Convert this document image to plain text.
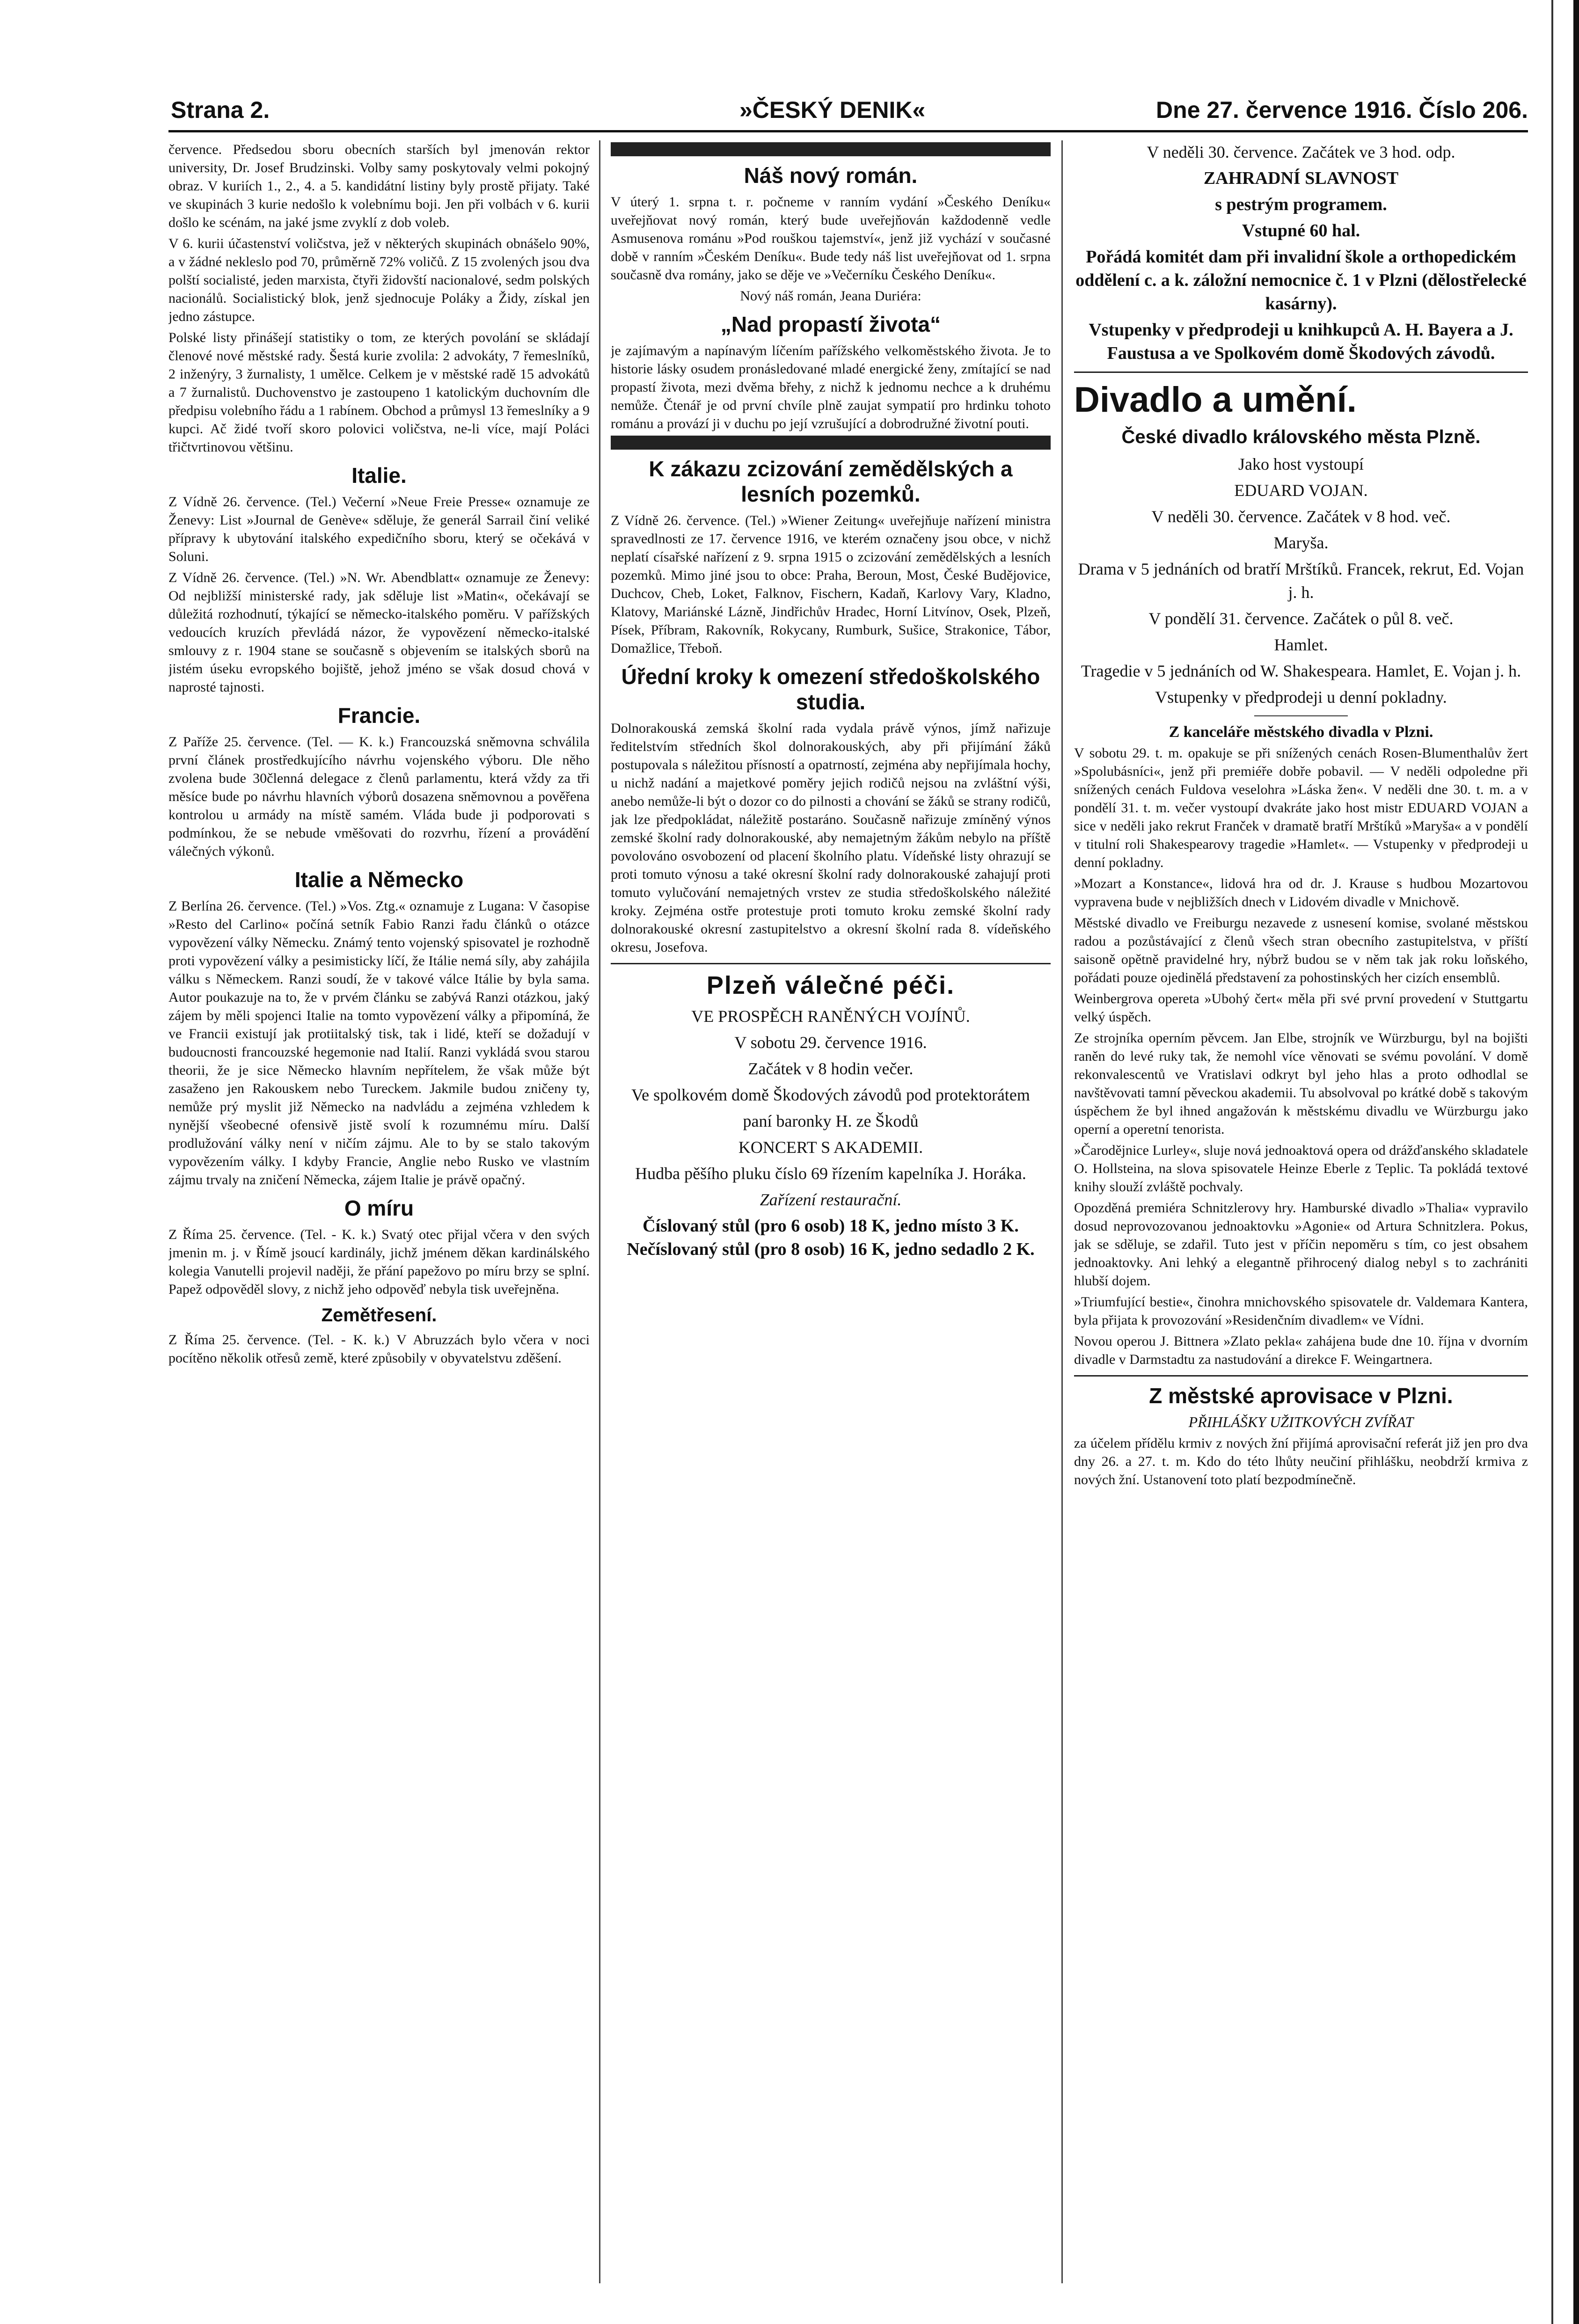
Strana 2.	»ČESKÝ DENIK«	Dne 27. července 1916. Číslo 206.

července. Předsedou sboru obecních starších byl jmenován rektor university, Dr. Josef Brudzinski. Volby samy poskytovaly velmi pokojný obraz. V kuriích 1., 2., 4. a 5. kandidátní listiny byly prostě přijaty. Také ve skupinách 3 kurie nedošlo k volebnímu boji. Jen při volbách v 6. kurii došlo ke scénám, na jaké jsme zvyklí z dob voleb.

V 6. kurii účastenství voličstva, jež v některých skupinách obnášelo 90%, a v žádné nekleslo pod 70, průměrně 72% voličů. Z 15 zvolených jsou dva polští socialisté, jeden marxista, čtyři židovští nacionalové, sedm polských nacionálů. Socialistický blok, jenž sjednocuje Poláky a Židy, získal jen jedno zástupce.

Polské listy přinášejí statistiky o tom, ze kterých povolání se skládají členové nové městské rady. Šestá kurie zvolila: 2 advokáty, 7 řemeslníků, 2 inženýry, 3 žurnalisty, 1 umělce. Celkem je v městské radě 15 advokátů a 7 žurnalistů. Duchovenstvo je zastoupeno 1 katolickým duchovním dle předpisu volebního řádu a 1 rabínem. Obchod a průmysl 13 řemeslníky a 9 kupci. Ač židé tvoří skoro polovici voličstva, ne-li více, mají Poláci třičtvrtinovou většinu.

Italie.

Z Vídně 26. července. (Tel.) Večerní »Neue Freie Presse« oznamuje ze Ženevy: List »Journal de Genève« sděluje, že generál Sarrail činí veliké přípravy k ubytování italského expedičního sboru, který se očekává v Soluni.

Z Vídně 26. července. (Tel.) »N. Wr. Abendblatt« oznamuje ze Ženevy: Od nejbližší ministerské rady, jak sděluje list »Matin«, očekávají se důležitá rozhodnutí, týkající se německo-italského poměru. V pařížských vedoucích kruzích převládá názor, že vypovězení německo-italské smlouvy z r. 1904 stane se současně s objevením se italských sborů na jistém úseku evropského bojiště, jehož jméno se však dosud chová v naprosté tajnosti.

Francie.

Z Paříže 25. července. (Tel. — K. k.) Francouzská sněmovna schválila první článek prostředkujícího návrhu vojenského výboru. Dle něho zvolena bude 30členná delegace z členů parlamentu, která vždy za tři měsíce bude po návrhu hlavních výborů dosazena sněmovnou a pověřena kontrolou u armády na místě samém. Vláda bude ji podporovati s podmínkou, že se nebude vměšovati do rozvrhu, řízení a provádění válečných výkonů.

Italie a Německo

Z Berlína 26. července. (Tel.) »Vos. Ztg.« oznamuje z Lugana: V časopise »Resto del Carlino« počíná setník Fabio Ranzi řadu článků o otázce vypovězení války Německu. Známý tento vojenský spisovatel je rozhodně proti vypovězení války a pesimisticky líčí, že Itálie nemá síly, aby zahájila válku s Německem. Ranzi soudí, že v takové válce Itálie by byla sama. Autor poukazuje na to, že v prvém článku se zabývá Ranzi otázkou, jaký zájem by měli spojenci Italie na tomto vypovězení války a připomíná, že ve Francii existují jak protiitalský tisk, tak i lidé, kteří se dožadují v budoucnosti francouzské hegemonie nad Italií. Ranzi vykládá svou starou theorii, že je sice Německo hlavním nepřítelem, že však může být zasaženo jen Rakouskem nebo Tureckem. Jakmile budou zničeny ty, nemůže prý myslit již Německo na nadvládu a zejména vzhledem k nynější všeobecné ofensivě jistě svolí k rozumnému míru. Další prodlužování války není v ničím zájmu. Ale to by se stalo takovým vypovězením války. I kdyby Francie, Anglie nebo Rusko ve vlastním zájmu trvaly na zničení Německa, zájem Italie je právě opačný.

O míru

Z Říma 25. července. (Tel. - K. k.) Svatý otec přijal včera v den svých jmenin m. j. v Římě jsoucí kardinály, jichž jménem děkan kardinálského kolegia Vanutelli projevil naději, že přání papežovo po míru brzy se splní. Papež odpověděl slovy, z nichž jeho odpověď nebyla tisk uveřejněna.

Zemětřesení.

Z Říma 25. července. (Tel. - K. k.) V Abruzzách bylo včera v noci pocítěno několik otřesů země, které způsobily v obyvatelstvu zděšení.

Náš nový román.

V úterý 1. srpna t. r. počneme v ranním vydání »Českého Deníku« uveřejňovat nový román, který bude uveřejňován každodenně vedle Asmusenova románu »Pod rouškou tajemství«, jenž již vychází v současné době v ranním »Českém Deníku«. Bude tedy náš list uveřejňovat od 1. srpna současně dva romány, jako se děje ve »Večerníku Českého Deníku«.

Nový náš román, Jeana Duriéra:

„Nad propastí života“

je zajímavým a napínavým líčením pařížského velkoměstského života. Je to historie lásky osudem pronásledované mladé energické ženy, zmítající se nad propastí života, mezi dvěma břehy, z nichž k jednomu nechce a k druhému nemůže. Čtenář je od první chvíle plně zaujat sympatií pro hrdinku tohoto románu a provází ji v duchu po její vzrušující a dobrodružné životní pouti.

K zákazu zcizování zemědělských a lesních pozemků.

Z Vídně 26. července. (Tel.) »Wiener Zeitung« uveřejňuje nařízení ministra spravedlnosti ze 17. července 1916, ve kterém označeny jsou obce, v nichž neplatí císařské nařízení z 9. srpna 1915 o zcizování zemědělských a lesních pozemků. Mimo jiné jsou to obce: Praha, Beroun, Most, České Budějovice, Duchcov, Cheb, Loket, Falknov, Fischern, Kadaň, Karlovy Vary, Kladno, Klatovy, Mariánské Lázně, Jindřichův Hradec, Horní Litvínov, Osek, Plzeň, Písek, Příbram, Rakovník, Rokycany, Rumburk, Sušice, Strakonice, Tábor, Domažlice, Třeboň.

Úřední kroky k omezení středoškolského studia.

Dolnorakouská zemská školní rada vydala právě výnos, jímž nařizuje ředitelstvím středních škol dolnorakouských, aby při přijímání žáků postupovala s náležitou přísností a opatrností, zejména aby nepřijímala hochy, u nichž nadání a majetkové poměry jejich rodičů nejsou na zvláštní výši, anebo nemůže-li být o dozor co do pilnosti a chování se žáků se strany rodičů, jak lze předpokládat, náležitě postaráno. Současně nařizuje zmíněný výnos zemské školní rady dolnorakouské, aby nemajetným žákům nebylo na příště povolováno osvobození od placení školního platu. Vídeňské listy ohrazují se proti tomuto výnosu a také okresní školní rady dolnorakouské zahajují proti tomuto vylučování nemajetných vrstev ze studia středoškolského náležité kroky. Zejména ostře protestuje proti tomuto kroku zemské školní rady dolnorakouské okresní zastupitelstvo a okresní školní rada 8. vídeňského okresu, Josefova.

Plzeň válečné péči.

VE PROSPĚCH RANĚNÝCH VOJÍNŮ.

V sobotu 29. července 1916.

Začátek v 8 hodin večer.

Ve spolkovém domě Škodových závodů pod protektorátem

paní baronky H. ze Škodů

KONCERT S AKADEMII.

Hudba pěšího pluku číslo 69 řízením kapelníka J. Horáka.

Zařízení restaurační.

Číslovaný stůl (pro 6 osob) 18 K, jedno místo 3 K. Nečíslovaný stůl (pro 8 osob) 16 K, jedno sedadlo 2 K.

V neděli 30. července. Začátek ve 3 hod. odp.

ZAHRADNÍ SLAVNOST

s pestrým programem.

Vstupné 60 hal.

Pořádá komitét dam při invalidní škole a orthopedickém oddělení c. a k. záložní nemocnice č. 1 v Plzni (dělostřelecké kasárny).

Vstupenky v předprodeji u knihkupců A. H. Bayera a J. Faustusa a ve Spolkovém domě Škodových závodů.

Divadlo a umění.
České divadlo královského města Plzně.

Jako host vystoupí

EDUARD VOJAN.

V neděli 30. července. Začátek v 8 hod. več.

Maryša.

Drama v 5 jednáních od bratří Mrštíků. Francek, rekrut, Ed. Vojan j. h.

V pondělí 31. července. Začátek o půl 8. več.

Hamlet.

Tragedie v 5 jednáních od W. Shakespeara. Hamlet, E. Vojan j. h.

Vstupenky v předprodeji u denní pokladny.

Z kanceláře městského divadla v Plzni.

V sobotu 29. t. m. opakuje se při snížených cenách Rosen-Blumenthalův žert »Spolubásníci«, jenž při premiéře dobře pobavil. — V neděli odpoledne při snížených cenách Fuldova veselohra »Láska žen«. V neděli dne 30. t. m. a v pondělí 31. t. m. večer vystoupí dvakráte jako host mistr EDUARD VOJAN a sice v neděli jako rekrut Franček v dramatě bratří Mrštíků »Maryša« a v pondělí v titulní roli Shakespearovy tragedie »Hamlet«. — Vstupenky v předprodeji u denní pokladny.

»Mozart a Konstance«, lidová hra od dr. J. Krause s hudbou Mozartovou vypravena bude v nejbližších dnech v Lidovém divadle v Mnichově.

Městské divadlo ve Freiburgu nezavede z usnesení komise, svolané městskou radou a pozůstávající z členů všech stran obecního zastupitelstva, v příští saisoně opětně pravidelné hry, nýbrž budou se v něm tak jak roku loňského, pořádati pouze ojedinělá představení za pohostinských her cizích ensemblů.

Weinbergrova opereta »Ubohý čert« měla při své první provedení v Stuttgartu velký úspěch.

Ze strojníka operním pěvcem. Jan Elbe, strojník ve Würzburgu, byl na bojišti raněn do levé ruky tak, že nemohl více věnovati se svému povolání. V domě rekonvalescentů ve Vratislavi odkryt byl jeho hlas a proto odhodlal se navštěvovati tamní pěveckou akademii. Tu absolvoval po krátké době s takovým úspěchem že byl ihned angažován k městskému divadlu ve Würzburgu jako operní a operetní tenorista.

»Čarodějnice Lurley«, sluje nová jednoaktová opera od drážďanského skladatele O. Hollsteina, na slova spisovatele Heinze Eberle z Teplic. Ta pokládá textové knihy slouží zvláště pochvaly.

Opozděná premiéra Schnitzlerovy hry. Hamburské divadlo »Thalia« vypravilo dosud neprovozovanou jednoaktovku »Agonie« od Artura Schnitzlera. Pokus, jak se sděluje, se zdařil. Tuto jest v příčin nepoměru s tím, co jest obsahem jednoaktovky. Ani lehký a elegantně přihrocený dialog nebyl s to zachrániti hlubší dojem.

»Triumfující bestie«, činohra mnichovského spisovatele dr. Valdemara Kantera, byla přijata k provozování »Residenčním divadlem« ve Vídni.

Novou operou J. Bittnera »Zlato pekla« zahájena bude dne 10. října v dvorním divadle v Darmstadtu za nastudování a direkce F. Weingartnera.

Z městské aprovisace v Plzni.

PŘIHLÁŠKY UŽITKOVÝCH ZVÍŘAT

za účelem přídělu krmiv z nových žní přijímá aprovisační referát již jen pro dva dny 26. a 27. t. m. Kdo do této lhůty neučiní přihlášku, neobdrží krmiva z nových žní. Ustanovení toto platí bezpodmínečně.
